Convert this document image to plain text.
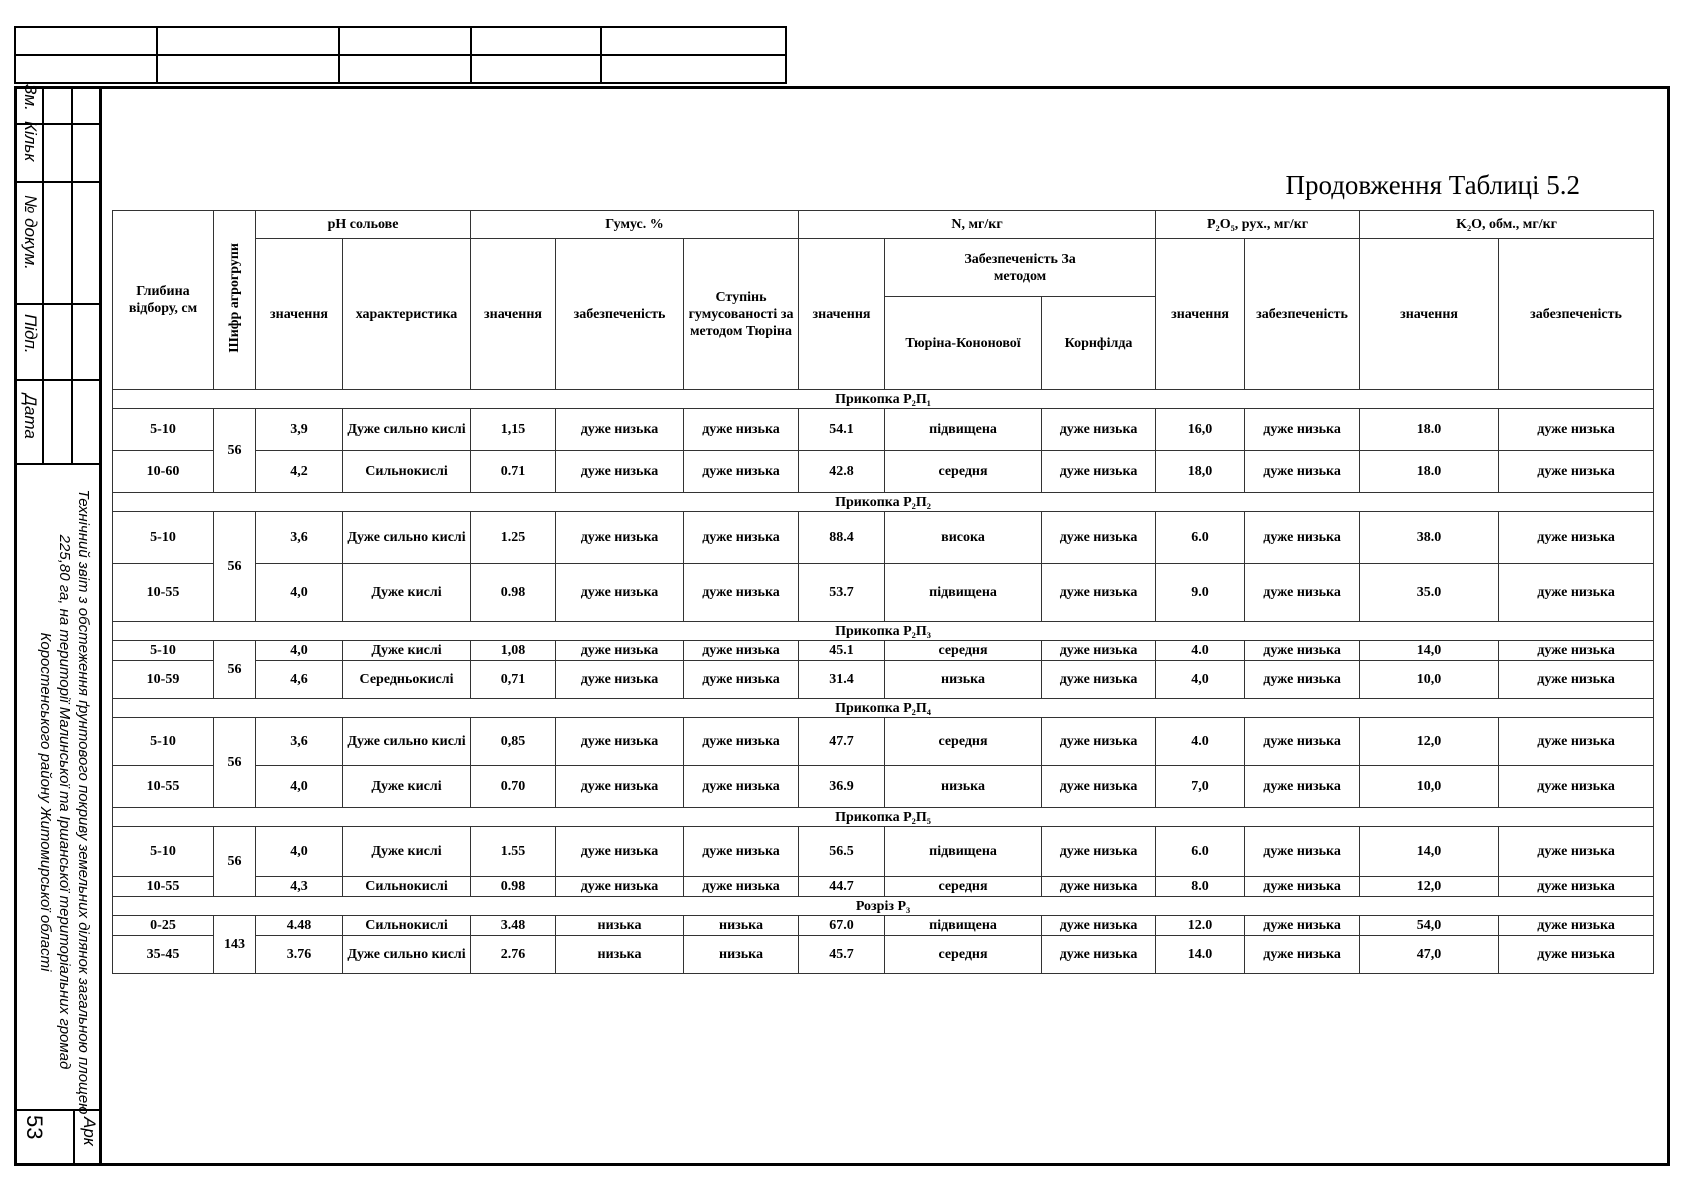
Зм.
Кільк
№ докум.
Підп.
Дата
Технічний звіт з обстеження ґрунтового покриву земельних ділянок загальною площею 225,80 га, на території Малинської та Іршанської територіальних громад Коростенського району Житомирської області
53 Арк
Продовження Таблиці 5.2
Глибина відбору, см	Шифр агрогрупи	pH сольове		Гумус. %			N, мг/кг			P₂O₅, рух., мг/кг		K₂O, обм., мг/кг	
		значення	характеристика	значення	забезпеченість	Ступінь гумусованості за методом Тюріна	значення	Забезпеченість За методом		значення	забезпеченість	значення	забезпеченість
								Тюріна-Кононової	Корнфілда				
Прикопка Р₂П₁													
5-10	56	3,9	Дуже сильно кислі	1,15	дуже низька	дуже низька	54.1	підвищена	дуже низька	16,0	дуже низька	18.0	дуже низька
10-60		4,2	Сильнокислі	0.71	дуже низька	дуже низька	42.8	середня	дуже низька	18,0	дуже низька	18.0	дуже низька
Прикопка Р₂П₂													
5-10	56	3,6	Дуже сильно кислі	1.25	дуже низька	дуже низька	88.4	висока	дуже низька	6.0	дуже низька	38.0	дуже низька
10-55		4,0	Дуже кислі	0.98	дуже низька	дуже низька	53.7	підвищена	дуже низька	9.0	дуже низька	35.0	дуже низька
Прикопка Р₂П₃													
5-10	56	4,0	Дуже кислі	1,08	дуже низька	дуже низька	45.1	середня	дуже низька	4.0	дуже низька	14,0	дуже низька
10-59		4,6	Середньокислі	0,71	дуже низька	дуже низька	31.4	низька	дуже низька	4,0	дуже низька	10,0	дуже низька
Прикопка Р₂П₄													
5-10	56	3,6	Дуже сильно кислі	0,85	дуже низька	дуже низька	47.7	середня	дуже низька	4.0	дуже низька	12,0	дуже низька
10-55		4,0	Дуже кислі	0.70	дуже низька	дуже низька	36.9	низька	дуже низька	7,0	дуже низька	10,0	дуже низька
Прикопка Р₂П₅													
5-10	56	4,0	Дуже кислі	1.55	дуже низька	дуже низька	56.5	підвищена	дуже низька	6.0	дуже низька	14,0	дуже низька
10-55		4,3	Сильнокислі	0.98	дуже низька	дуже низька	44.7	середня	дуже низька	8.0	дуже низька	12,0	дуже низька
Розріз Р₃													
0-25	143	4.48	Сильнокислі	3.48	низька	низька	67.0	підвищена	дуже низька	12.0	дуже низька	54,0	дуже низька
35-45		3.76	Дуже сильно кислі	2.76	низька	низька	45.7	середня	дуже низька	14.0	дуже низька	47,0	дуже низька
